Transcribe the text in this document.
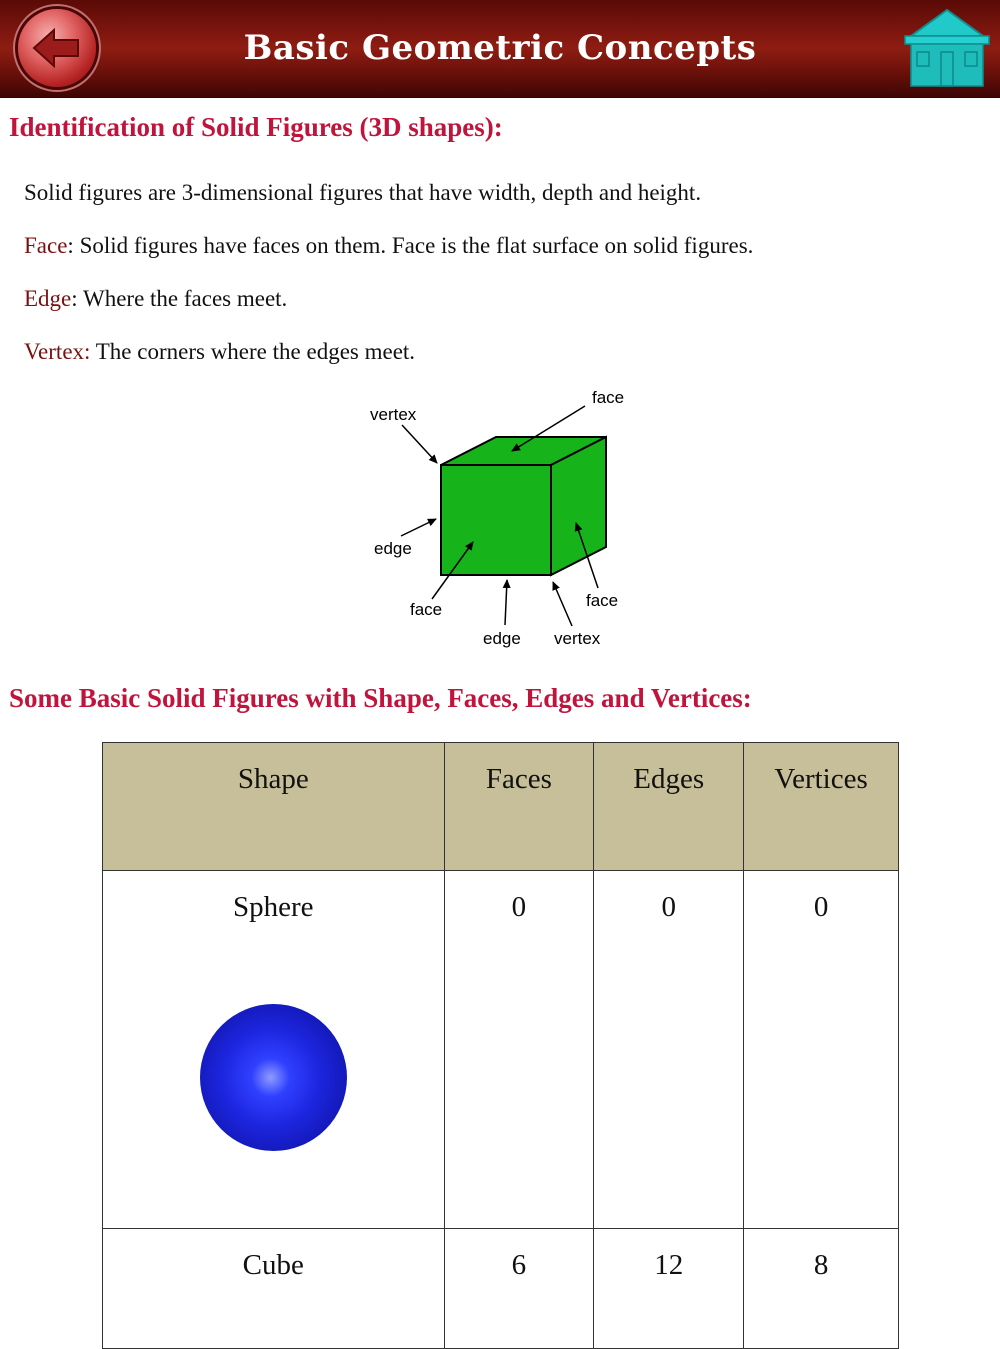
Basic Geometric Concepts
Identification of Solid Figures (3D shapes):
Solid figures are 3-dimensional figures that have width, depth and height.
Face: Solid figures have faces on them. Face is the flat surface on solid figures.
Edge: Where the faces meet.
Vertex: The corners where the edges meet.
vertex
face
edge
face	face
edge vertex
Some Basic Solid Figures with Shape, Faces, Edges and Vertices:
Shape	Faces	Edges	Vertices

Sphere	0	0	0
Cube	6	12	8
